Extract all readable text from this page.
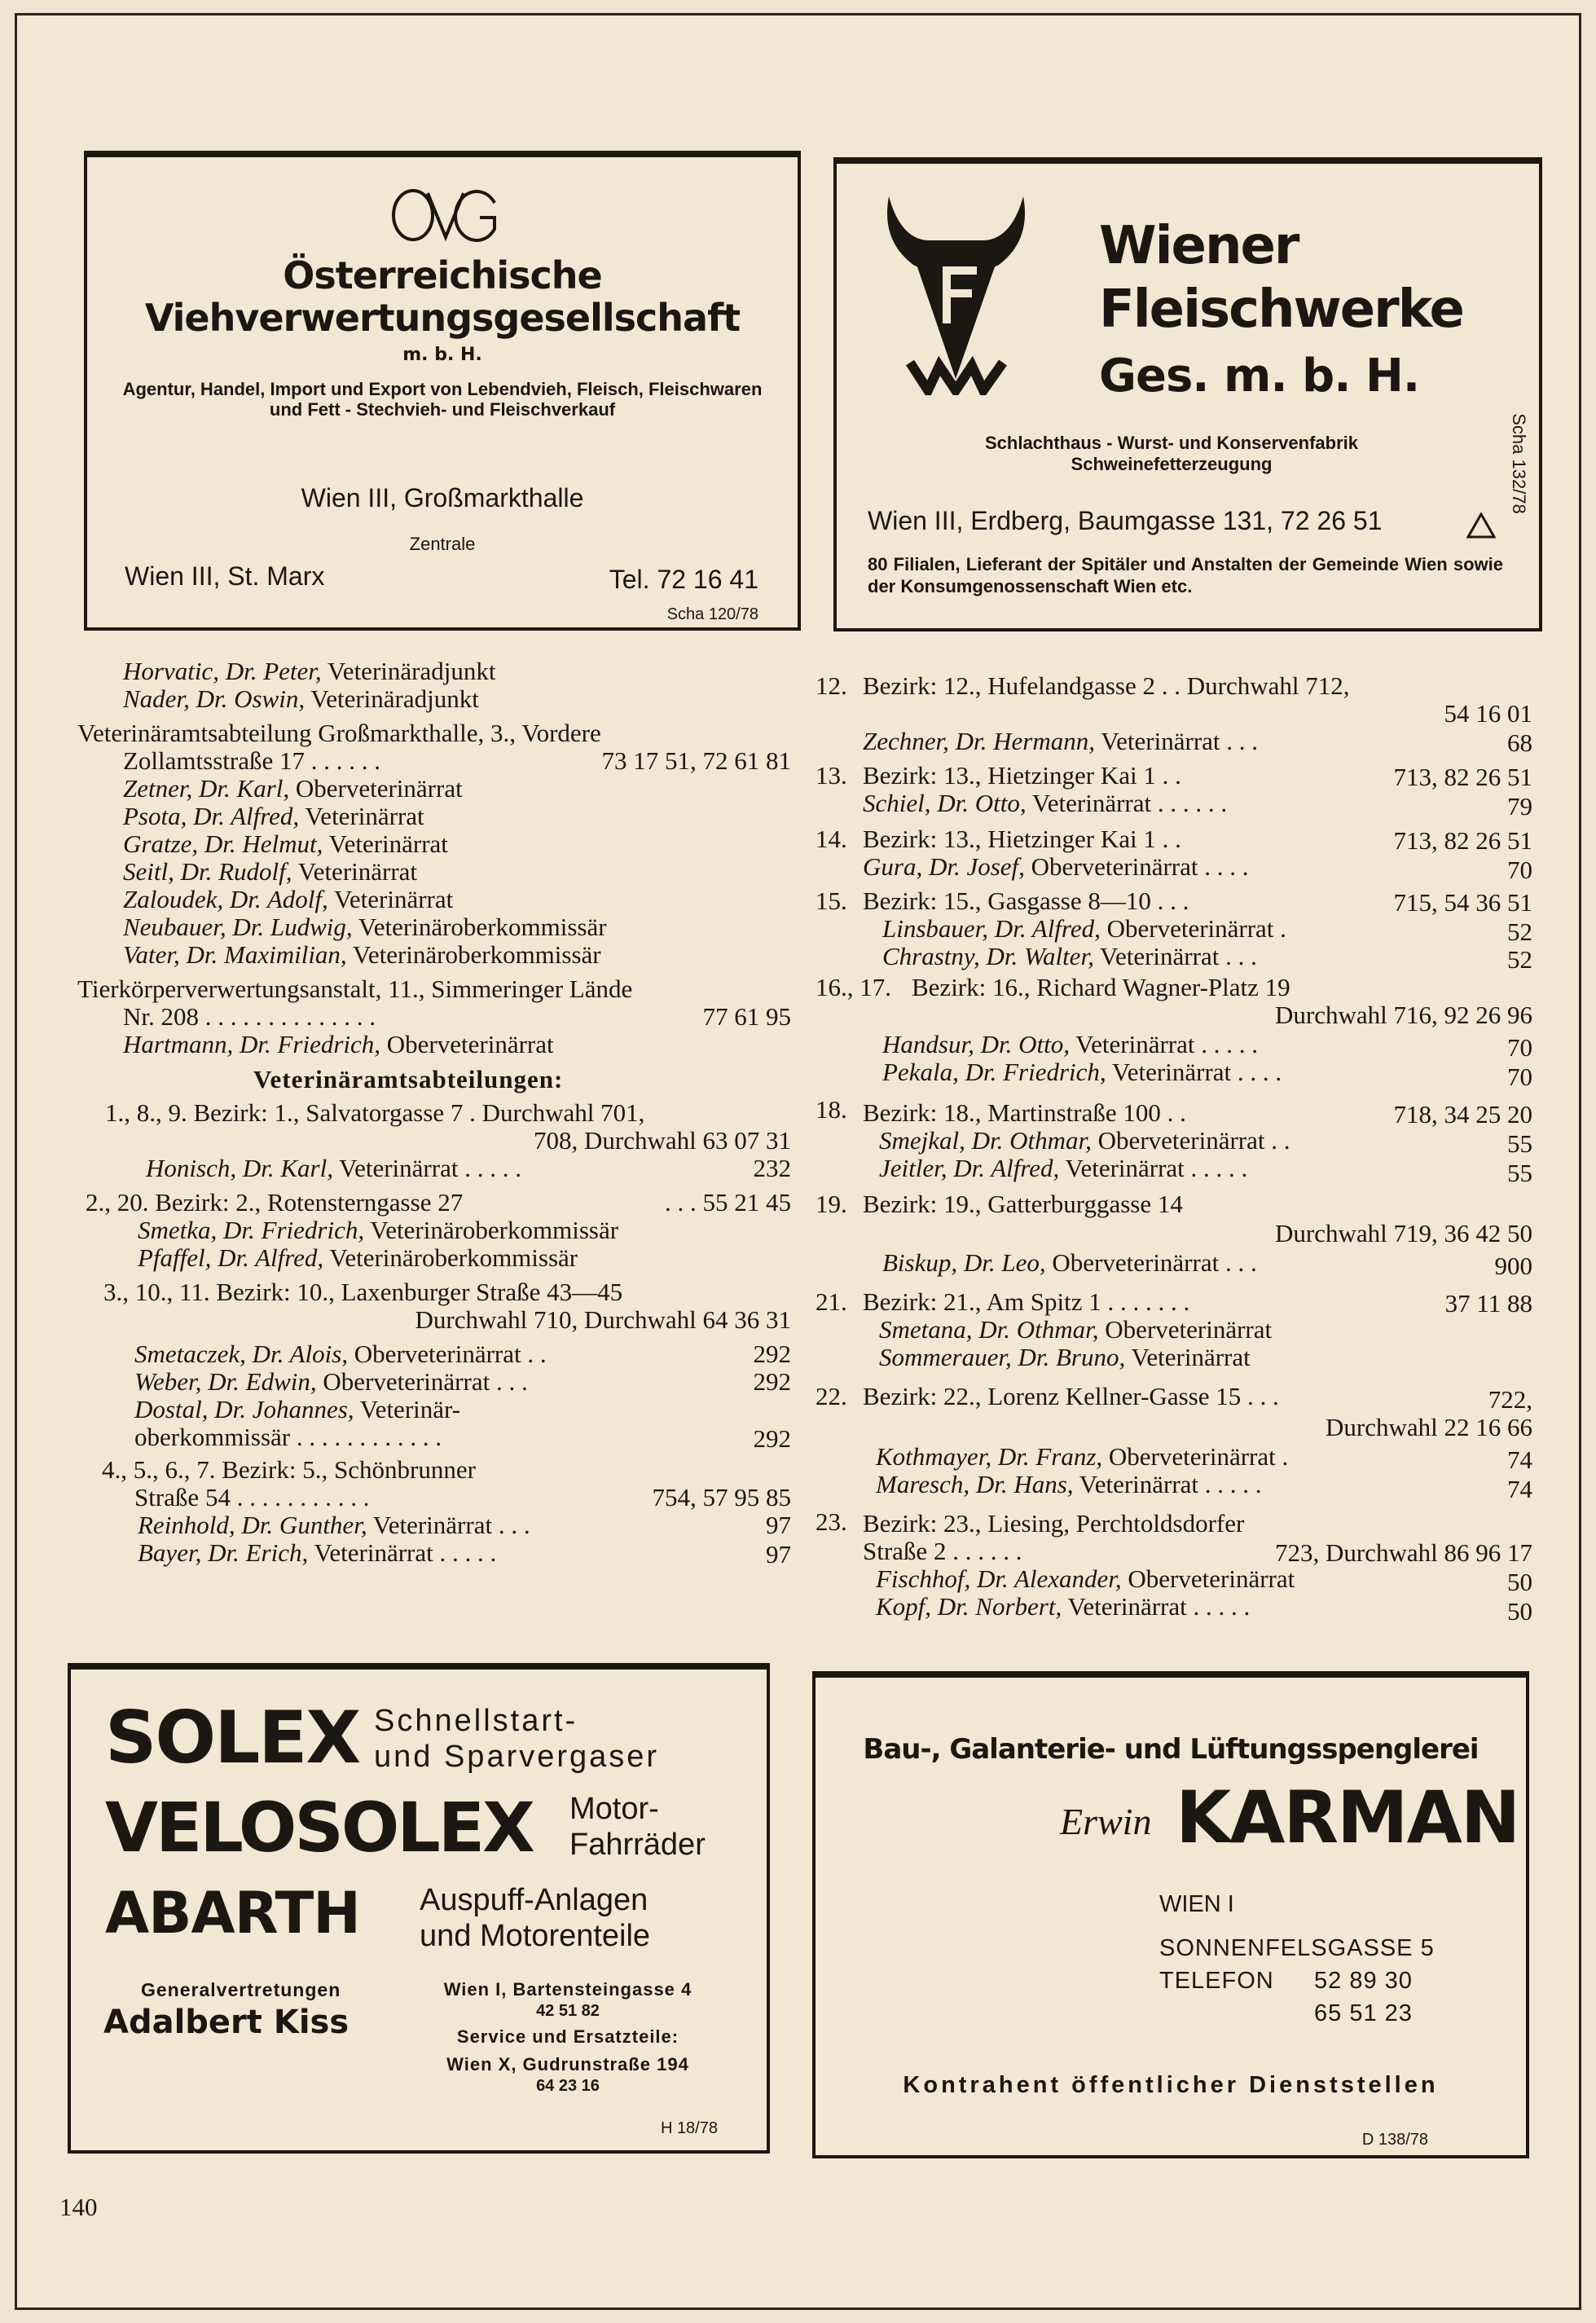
Österreichische
Viehverwertungsgesellschaft
m. b. H.
Agentur, Handel, Import und Export von Lebendvieh, Fleisch, Fleischwaren und Fett - Stechvieh- und Fleischverkauf
Wien III, Großmarkthalle
Zentrale
Wien III, St. Marx	Tel. 72 16 41
Scha 120/78
Wiener
Fleischwerke
Ges. m. b. H.
Schlachthaus - Wurst- und Konservenfabrik
Schweinefetterzeugung
Wien III, Erdberg, Baumgasse 131, 72 26 51
80 Filialen, Lieferant der Spitäler und Anstalten der Gemeinde Wien sowie der Konsumgenossenschaft Wien etc.
Scha 132/78
Horvatic, Dr. Peter, Veterinäradjunkt
Nader, Dr. Oswin, Veterinäradjunkt
Veterinäramtsabteilung Großmarkthalle, 3., Vordere
Zollamtsstraße 17 . . . . . .	73 17 51, 72 61 81
Zetner, Dr. Karl, Oberveterinärrat
Psota, Dr. Alfred, Veterinärrat
Gratze, Dr. Helmut, Veterinärrat
Seitl, Dr. Rudolf, Veterinärrat
Zaloudek, Dr. Adolf, Veterinärrat
Neubauer, Dr. Ludwig, Veterinäroberkommissär
Vater, Dr. Maximilian, Veterinäroberkommissär
Tierkörperverwertungsanstalt, 11., Simmeringer Lände
Nr. 208 . . . . . . . . . . . . . .	77 61 95
Hartmann, Dr. Friedrich, Oberveterinärrat
Veterinäramtsabteilungen:
1., 8., 9. Bezirk: 1., Salvatorgasse 7 . Durchwahl 701,
708, Durchwahl 63 07 31
Honisch, Dr. Karl, Veterinärrat . . . . .	232
2., 20. Bezirk: 2., Rotensterngasse 27	. . . 55 21 45
Smetka, Dr. Friedrich, Veterinäroberkommissär
Pfaffel, Dr. Alfred, Veterinäroberkommissär
3., 10., 11. Bezirk: 10., Laxenburger Straße 43—45
Durchwahl 710, Durchwahl 64 36 31
Smetaczek, Dr. Alois, Oberveterinärrat . .	292
Weber, Dr. Edwin, Oberveterinärrat . . .	292
Dostal, Dr. Johannes, Veterinär-
oberkommissär . . . . . . . . . . . .	292
4., 5., 6., 7. Bezirk: 5., Schönbrunner
Straße 54 . . . . . . . . . . .	754, 57 95 85
Reinhold, Dr. Gunther, Veterinärrat . . .	97
Bayer, Dr. Erich, Veterinärrat . . . . .	97
12. Bezirk: 12., Hufelandgasse 2 . . Durchwahl 712,
54 16 01
Zechner, Dr. Hermann, Veterinärrat . . .	68
13. Bezirk: 13., Hietzinger Kai 1 . .	713, 82 26 51
Schiel, Dr. Otto, Veterinärrat . . . . . .	79
14. Bezirk: 13., Hietzinger Kai 1 . .	713, 82 26 51
Gura, Dr. Josef, Oberveterinärrat . . . .	70
15. Bezirk: 15., Gasgasse 8—10 . . .	715, 54 36 51
Linsbauer, Dr. Alfred, Oberveterinärrat .	52
Chrastny, Dr. Walter, Veterinärrat . . .	52
16., 17. Bezirk: 16., Richard Wagner-Platz 19
Durchwahl 716, 92 26 96
Handsur, Dr. Otto, Veterinärrat . . . . .	70
Pekala, Dr. Friedrich, Veterinärrat . . . .	70
18. Bezirk: 18., Martinstraße 100 . .	718, 34 25 20
Smejkal, Dr. Othmar, Oberveterinärrat . .	55
Jeitler, Dr. Alfred, Veterinärrat . . . . .	55
19. Bezirk: 19., Gatterburggasse 14
Durchwahl 719, 36 42 50
Biskup, Dr. Leo, Oberveterinärrat . . .	900
21. Bezirk: 21., Am Spitz 1 . . . . . . .	37 11 88
Smetana, Dr. Othmar, Oberveterinärrat
Sommerauer, Dr. Bruno, Veterinärrat
22. Bezirk: 22., Lorenz Kellner-Gasse 15 . . .	722,
Durchwahl 22 16 66
Kothmayer, Dr. Franz, Oberveterinärrat .	74
Maresch, Dr. Hans, Veterinärrat . . . . .	74
23. Bezirk: 23., Liesing, Perchtoldsdorfer
Straße 2 . . . . . .	723, Durchwahl 86 96 17
Fischhof, Dr. Alexander, Oberveterinärrat	50
Kopf, Dr. Norbert, Veterinärrat . . . . .	50
SOLEX Schnellstart-
und Sparvergaser
VELOSOLEX Motor-
Fahrräder
ABARTH Auspuff-Anlagen
und Motorenteile
Generalvertretungen
Adalbert Kiss
Wien I, Bartensteingasse 4
42 51 82
Service und Ersatzteile:
Wien X, Gudrunstraße 194
64 23 16
H 18/78
Bau-, Galanterie- und Lüftungsspenglerei
Erwin KARMAN
WIEN I
SONNENFELSGASSE 5
TELEFON 52 89 30
65 51 23
Kontrahent öffentlicher Dienststellen
D 138/78
140
